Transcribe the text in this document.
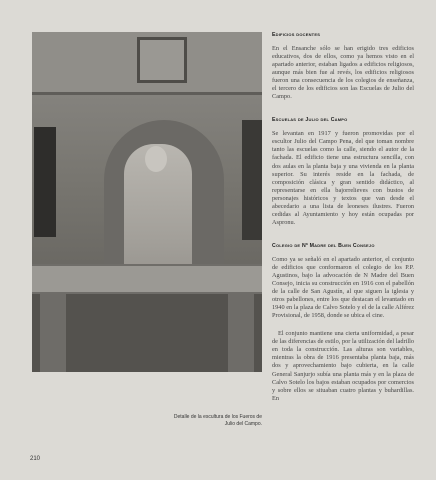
Detalle de la escultura de los Fueros de Julio del Campo.
210
Edificios docentes

En el Ensanche sólo se han erigido tres edificios educativos, dos de ellos, como ya hemos visto en el apartado anterior, estaban ligados a edificios religiosos, aunque más bien fue al revés, los edificios religiosos fueron una consecuencia de los colegios de enseñanza, el tercero de los edificios son las Escuelas de Julio del Campo.

Escuelas de Julio del Campo

Se levantan en 1917 y fueron promovidas por el escultor Julio del Campo Pena, del que toman nombre tanto las escuelas como la calle, siendo el autor de la fachada. El edificio tiene una estructura sencilla, con dos aulas en la planta baja y una vivienda en la planta superior. Su interés reside en la fachada, de composición clásica y gran sentido didáctico, al representarse en ella bajorrelieves con bustos de personajes históricos y textos que van desde el abecedario a una lista de leoneses ilustres. Fueron cedidas al Ayuntamiento y hoy están ocupadas por Aspronu.

Colegio de Nª Madre del Buen Consejo

Como ya se señaló en el apartado anterior, el conjunto de edificios que conformaron el colegio de los P.P. Agustinos, bajo la advocación de N Madre del Buen Consejo, inicia su construcción en 1916 con el pabellón de la calle de San Agustín, al que siguen la iglesia y otros pabellones, entre los que destacan el levantado en 1940 en la plaza de Calvo Sotelo y el de la calle Alférez Provisional, de 1958, donde se ubica el cine.

El conjunto mantiene una cierta uniformidad, a pesar de las diferencias de estilo, por la utilización del ladrillo en toda la construcción. Las alturas son variables, mientras la obra de 1916 presentaba planta baja, más dos y aprovechamiento bajo cubierta, en la calle General Sanjurjo subía una planta más y en la plaza de Calvo Sotelo los bajos estaban ocupados por comercios y sobre ellos se situaban cuatro plantas y buhardillas. En
